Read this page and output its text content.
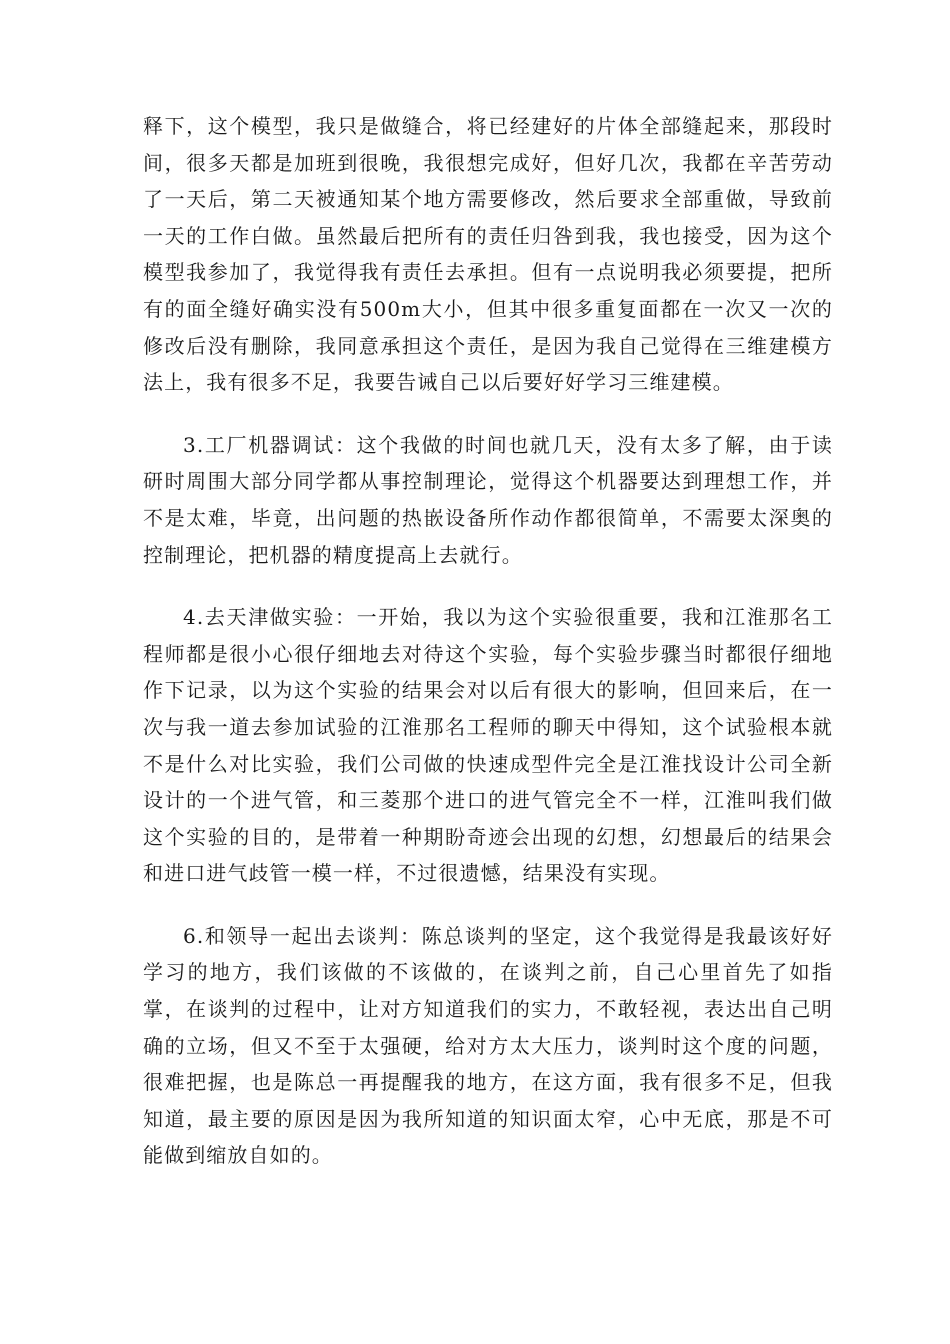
释下，这个模型，我只是做缝合，将已经建好的片体全部缝起来，那段时间，很多天都是加班到很晚，我很想完成好，但好几次，我都在辛苦劳动了一天后，第二天被通知某个地方需要修改，然后要求全部重做，导致前一天的工作白做。虽然最后把所有的责任归咎到我，我也接受，因为这个模型我参加了，我觉得我有责任去承担。但有一点说明我必须要提，把所有的面全缝好确实没有500m大小，但其中很多重复面都在一次又一次的修改后没有删除，我同意承担这个责任，是因为我自己觉得在三维建模方法上，我有很多不足，我要告诫自己以后要好好学习三维建模。

3.工厂机器调试：这个我做的时间也就几天，没有太多了解，由于读研时周围大部分同学都从事控制理论，觉得这个机器要达到理想工作，并不是太难，毕竟，出问题的热嵌设备所作动作都很简单，不需要太深奥的控制理论，把机器的精度提高上去就行。

4.去天津做实验：一开始，我以为这个实验很重要，我和江淮那名工程师都是很小心很仔细地去对待这个实验，每个实验步骤当时都很仔细地作下记录，以为这个实验的结果会对以后有很大的影响，但回来后，在一次与我一道去参加试验的江淮那名工程师的聊天中得知，这个试验根本就不是什么对比实验，我们公司做的快速成型件完全是江淮找设计公司全新设计的一个进气管，和三菱那个进口的进气管完全不一样，江淮叫我们做这个实验的目的，是带着一种期盼奇迹会出现的幻想，幻想最后的结果会和进口进气歧管一模一样，不过很遗憾，结果没有实现。

6.和领导一起出去谈判：陈总谈判的坚定，这个我觉得是我最该好好学习的地方，我们该做的不该做的，在谈判之前，自己心里首先了如指掌，在谈判的过程中，让对方知道我们的实力，不敢轻视，表达出自己明确的立场，但又不至于太强硬，给对方太大压力，谈判时这个度的问题，很难把握，也是陈总一再提醒我的地方，在这方面，我有很多不足，但我知道，最主要的原因是因为我所知道的知识面太窄，心中无底，那是不可能做到缩放自如的。
